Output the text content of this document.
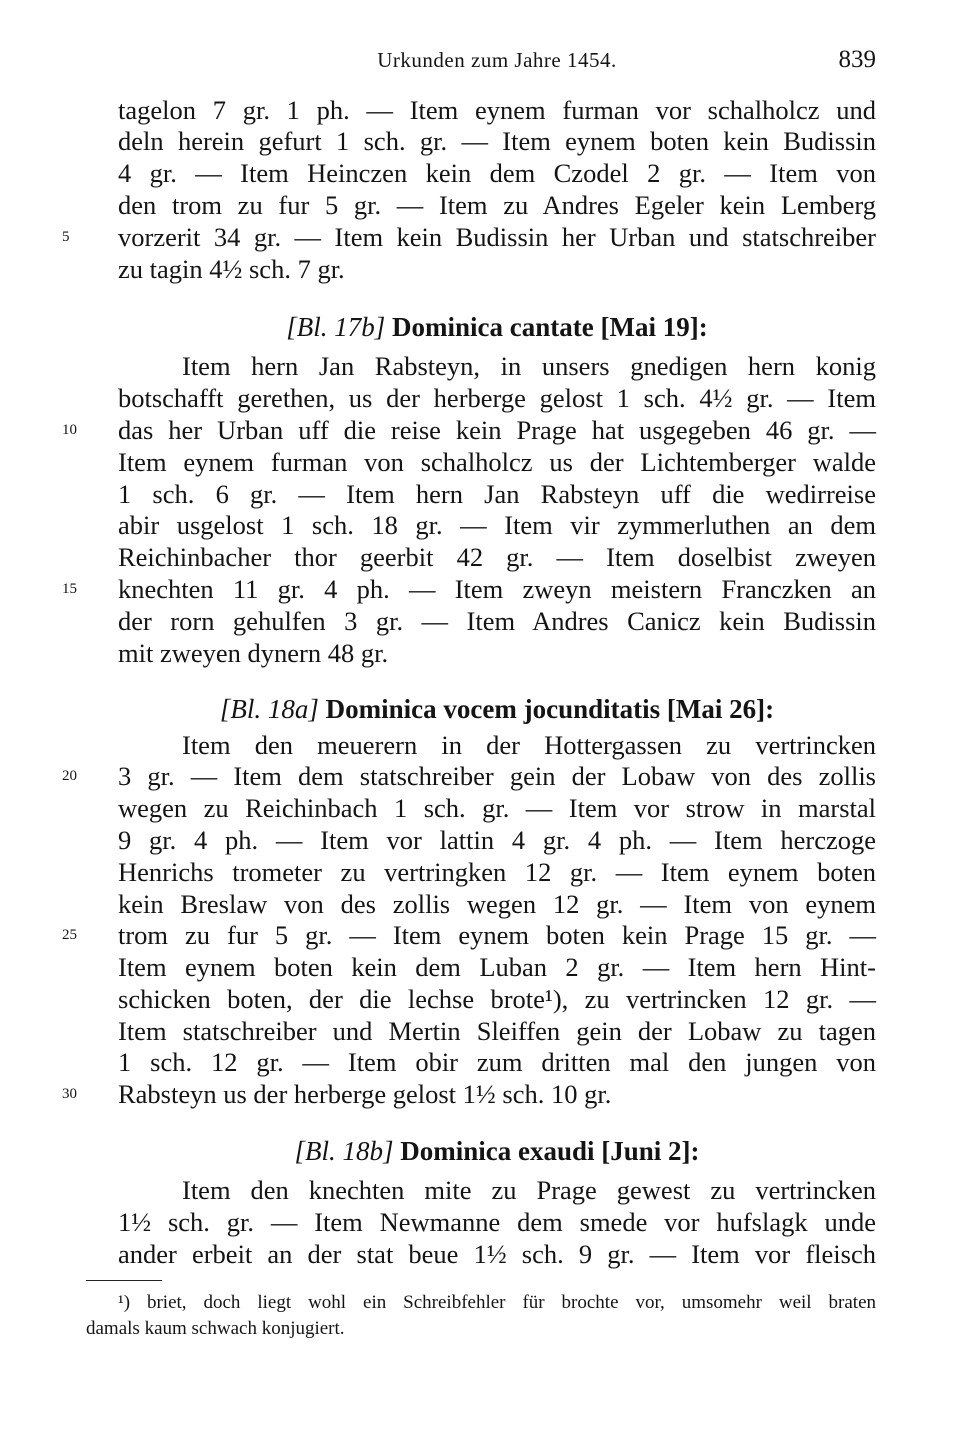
Urkunden zum Jahre 1454.	839
tagelon 7 gr. 1 ph. — Item eynem furman vor schalholcz und
deln herein gefurt 1 sch. gr. — Item eynem boten kein Budissin
4 gr. — Item Heinczen kein dem Czodel 2 gr. — Item von
den trom zu fur 5 gr. — Item zu Andres Egeler kein Lemberg
5	vorzerit 34 gr. — Item kein Budissin her Urban und statschreiber
zu tagin 4½ sch. 7 gr.
[Bl. 17b] Dominica cantate [Mai 19]:
Item hern Jan Rabsteyn, in unsers gnedigen hern konig
botschafft gerethen, us der herberge gelost 1 sch. 4½ gr. — Item
10	das her Urban uff die reise kein Prage hat usgegeben 46 gr. —
Item eynem furman von schalholcz us der Lichtemberger walde
1 sch. 6 gr. — Item hern Jan Rabsteyn uff die wedirreise
abir usgelost 1 sch. 18 gr. — Item vir zymmerluthen an dem
Reichinbacher thor geerbit 42 gr. — Item doselbist zweyen
15	knechten 11 gr. 4 ph. — Item zweyn meistern Franczken an
der rorn gehulfen 3 gr. — Item Andres Canicz kein Budissin
mit zweyen dynern 48 gr.
[Bl. 18a] Dominica vocem jocunditatis [Mai 26]:
Item den meuerern in der Hottergassen zu vertrincken
20	3 gr. — Item dem statschreiber gein der Lobaw von des zollis
wegen zu Reichinbach 1 sch. gr. — Item vor strow in marstal
9 gr. 4 ph. — Item vor lattin 4 gr. 4 ph. — Item herczoge
Henrichs trometer zu vertringken 12 gr. — Item eynem boten
kein Breslaw von des zollis wegen 12 gr. — Item von eynem
25	trom zu fur 5 gr. — Item eynem boten kein Prage 15 gr. —
Item eynem boten kein dem Luban 2 gr. — Item hern Hint-
schicken boten, der die lechse brote¹), zu vertrincken 12 gr. —
Item statschreiber und Mertin Sleiffen gein der Lobaw zu tagen
1 sch. 12 gr. — Item obir zum dritten mal den jungen von
30	Rabsteyn us der herberge gelost 1½ sch. 10 gr.
[Bl. 18b] Dominica exaudi [Juni 2]:
Item den knechten mite zu Prage gewest zu vertrincken
1½ sch. gr. — Item Newmanne dem smede vor hufslagk unde
ander erbeit an der stat beue 1½ sch. 9 gr. — Item vor fleisch
¹) briet, doch liegt wohl ein Schreibfehler für brochte vor, umsomehr weil braten
damals kaum schwach konjugiert.
